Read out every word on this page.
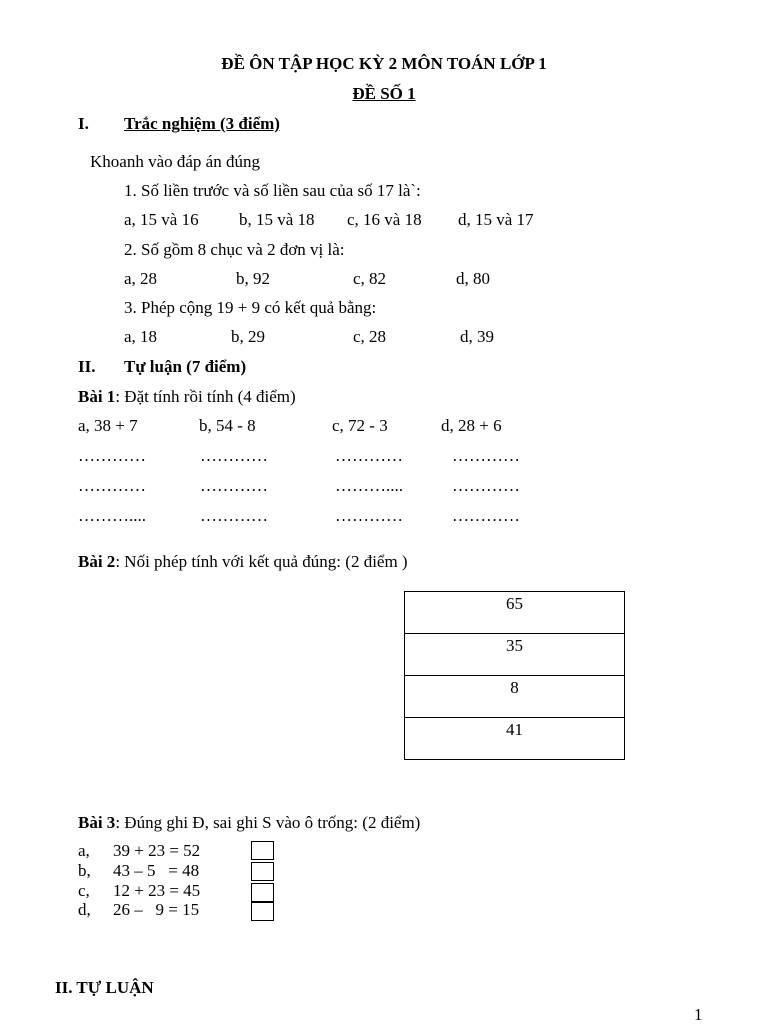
ĐỀ ÔN TẬP HỌC KỲ 2 MÔN TOÁN LỚP 1
ĐỀ SỐ 1
I. Trắc nghiệm (3 điểm)
Khoanh vào đáp án đúng
1. Số liền trước và số liền sau của số 17 là`:
a, 15 và 16 b, 15 và 18 c, 16 và 18 d, 15 và 17
2. Số gồm 8 chục và 2 đơn vị là:
a, 28	b, 92	c, 82	d, 80
3. Phép cộng 19 + 9 có kết quả bằng:
a, 18	b, 29	c, 28	d, 39
II. Tự luận (7 điểm)
Bài 1: Đặt tính rồi tính (4 điểm)
a, 38 + 7	b, 54 - 8	c, 72 - 3	d, 28 + 6
…………	…………	…………	…………
…………	…………	………....	…………
………....	…………	…………	…………
Bài 2: Nối phép tính với kết quả đúng: (2 điểm )
65
35
8
41
Bài 3: Đúng ghi Đ, sai ghi S vào ô trống: (2 điểm)
a, 39 + 23 = 52
b, 43 – 5   = 48
c, 12 + 23 = 45
d, 26 –   9 = 15
II. TỰ LUẬN
1
